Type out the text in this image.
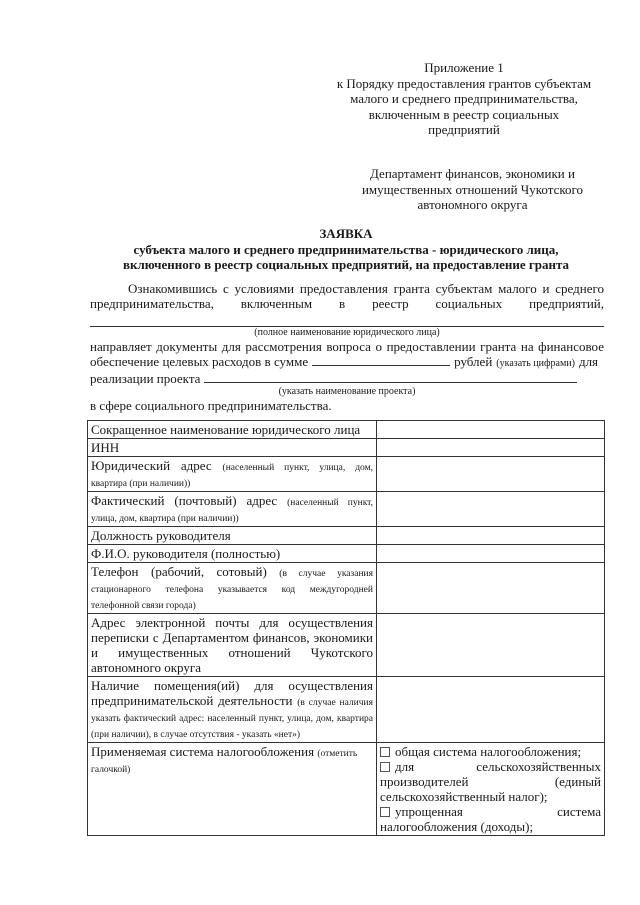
Приложение 1
к Порядку предоставления грантов субъектам
малого и среднего предпринимательства,
включенным в реестр социальных
предприятий
Департамент финансов, экономики и
имущественных отношений Чукотского
автономного округа
ЗАЯВКА
субъекта малого и среднего предпринимательства - юридического лица,
включенного в реестр социальных предприятий, на предоставление гранта
Ознакомившись с условиями предоставления гранта субъектам малого и среднего
предпринимательства, включенным в реестр социальных предприятий,
(полное наименование юридического лица)
направляет документы для рассмотрения вопроса о предоставлении гранта на финансовое
обеспечение целевых расходов в сумме	рублей (указать цифрами) для
реализации проекта
(указать наименование проекта)
в сфере социального предпринимательства.
Сокращенное наименование юридического лица	
ИНН	
Юридический адрес (населенный пункт, улица, дом, квартира (при наличии))	
Фактический (почтовый) адрес (населенный пункт, улица, дом, квартира (при наличии))	
Должность руководителя	
Ф.И.О. руководителя (полностью)	
Телефон (рабочий, сотовый) (в случае указания стационарного телефона указывается код междугородней телефонной связи города)	
Адрес электронной почты для осуществления переписки с Департаментом финансов, экономики и имущественных отношений Чукотского автономного округа	
Наличие помещения(ий) для осуществления предпринимательской деятельности (в случае наличия указать фактический адрес: населенный пункт, улица, дом, квартира (при наличии), в случае отсутствия - указать «нет»)	
Применяемая система налогообложения (отметить галочкой)	общая система налогообложения;
для сельскохозяйственных производителей (единый сельскохозяйственный налог);
упрощенная система налогообложения (доходы);
